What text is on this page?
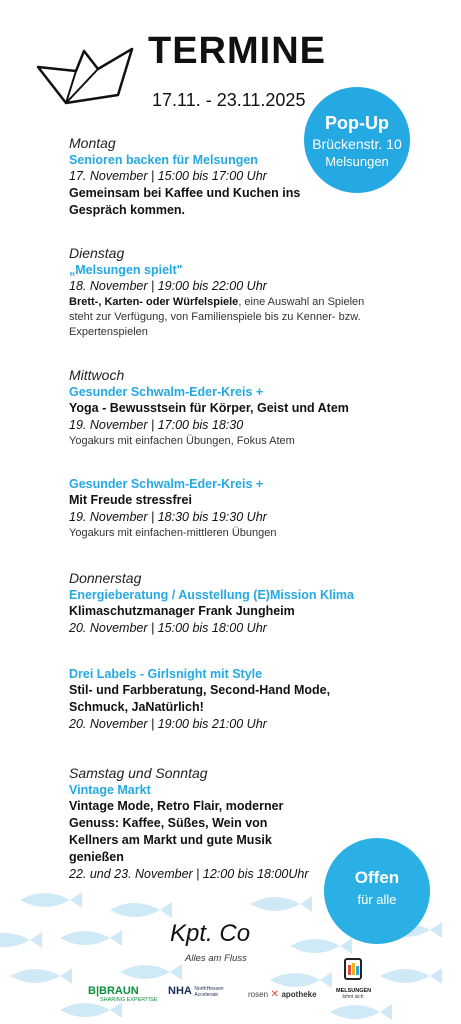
TERMINE
17.11. - 23.11.2025
Pop-Up
Brückenstr. 10
Melsungen
Montag
Senioren backen für Melsungen
17. November | 15:00 bis 17:00 Uhr
Gemeinsam bei Kaffee und Kuchen ins Gespräch kommen.
Dienstag
„Melsungen spielt"
18. November | 19:00 bis 22:00 Uhr
Brett-, Karten- oder Würfelspiele, eine Auswahl an Spielen steht zur Verfügung, von Familienspiele bis zu Kenner- bzw. Expertenspielen
Mittwoch
Gesunder Schwalm-Eder-Kreis +
Yoga - Bewusstsein für Körper, Geist und Atem
19. November | 17:00 bis 18:30
Yogakurs mit einfachen Übungen, Fokus Atem
Gesunder Schwalm-Eder-Kreis +
Mit Freude stressfrei
19. November | 18:30 bis 19:30 Uhr
Yogakurs mit einfachen-mittleren Übungen
Donnerstag
Energieberatung / Ausstellung (E)Mission Klima
Klimaschutzmanager Frank Jungheim
20. November | 15:00 bis 18:00 Uhr
Drei Labels - Girlsnight mit Style
Stil- und Farbberatung, Second-Hand Mode, Schmuck, JaNatürlich!
20. November | 19:00 bis 21:00 Uhr
Samstag und Sonntag
Vintage Markt
Vintage Mode, Retro Flair, moderner Genuss: Kaffee, Süßes, Wein von Kellners am Markt und gute Musik genießen
22. und 23. November | 12:00 bis 18:00Uhr	Offen
für alle
Kpt. Co
Alles am Fluss
B|BRAUN
SHARING EXPERTISE
NHA NorthHessen Accelerate	rosen ✕ apotheke	MELSUNGEN
lohnt sich
